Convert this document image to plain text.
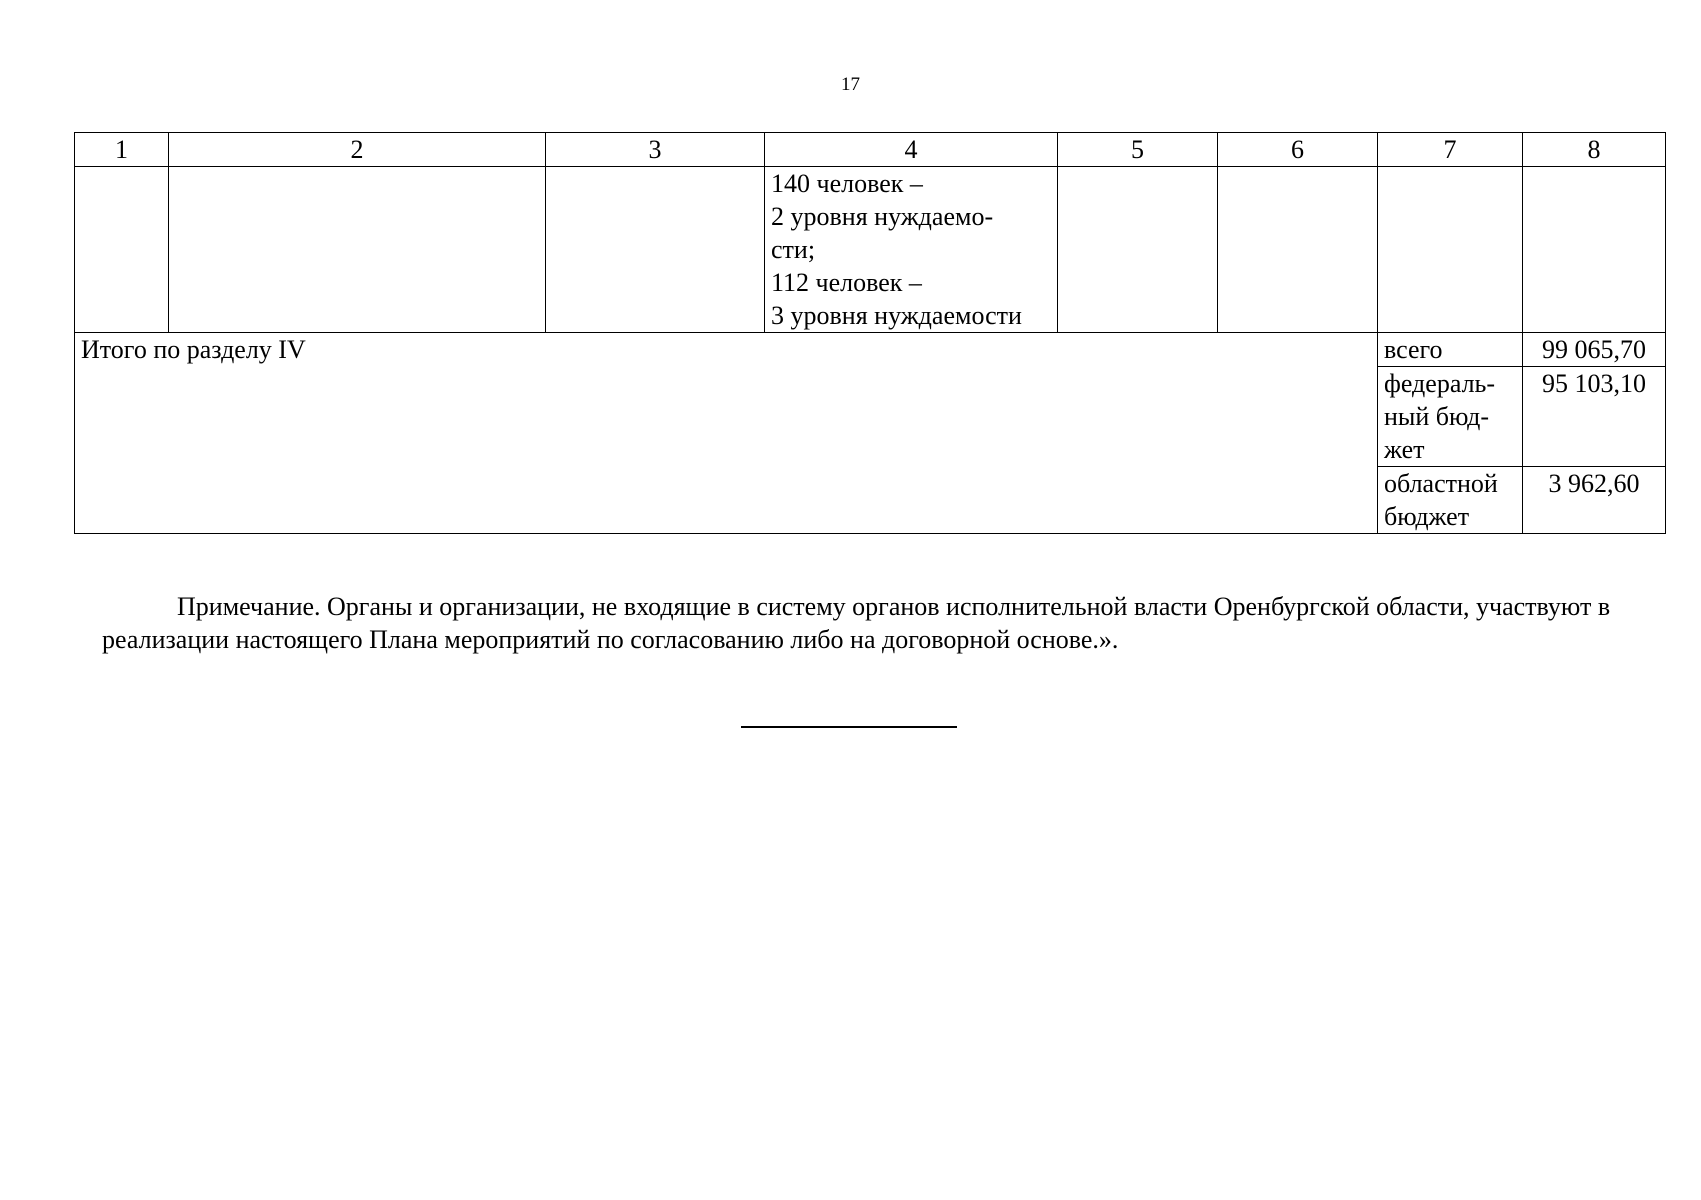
17
1	2	3	4	5	6	7	8
			140 человек –
2 уровня нуждаемо-
сти;
112 человек –
3 уровня нуждаемости				
Итого по разделу IV						всего	99 065,70
						федераль-
ный бюд-
жет	95 103,10
						областной
бюджет	3 962,60

Примечание. Органы и организации, не входящие в систему органов исполнительной власти Оренбургской области, участвуют в реализации настоящего Плана мероприятий по согласованию либо на договорной основе.».
